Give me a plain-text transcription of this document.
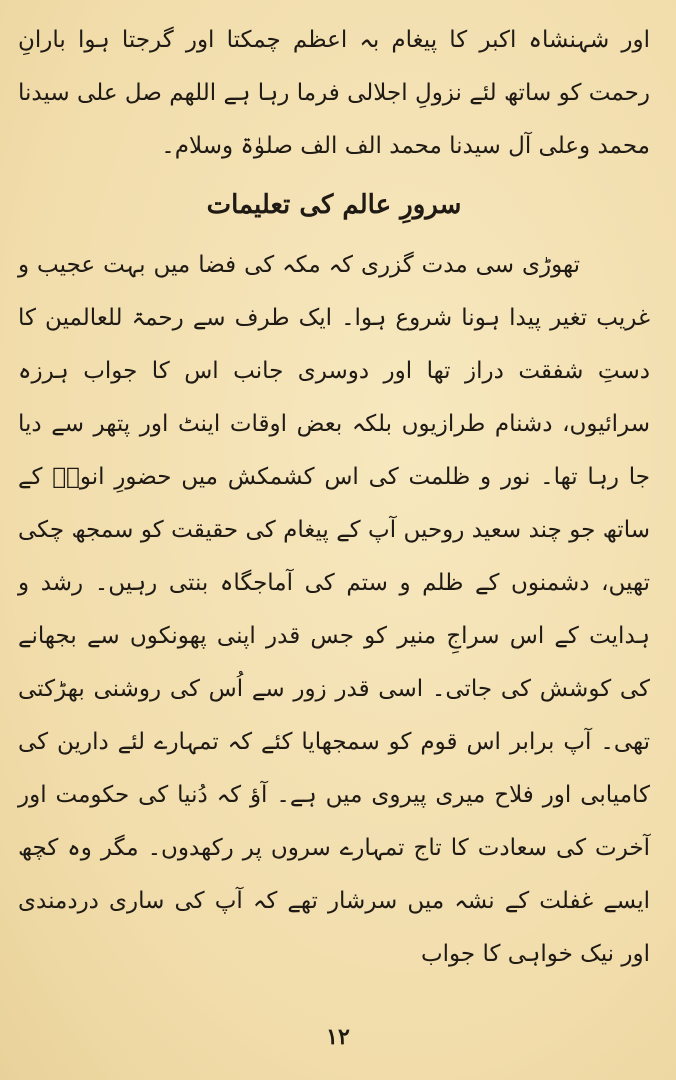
اور شہنشاہ اکبر کا پیغام بہ اعظم چمکتا اور گرجتا ہوا بارانِ رحمت کو ساتھ لئے نزولِ اجلالی فرما رہا ہے اللھم صل علی سیدنا محمد وعلی آل سیدنا محمد الف الف صلوٰۃ وسلام۔

سرورِ عالم کی تعلیمات

تھوڑی سی مدت گزری کہ مکہ کی فضا میں بہت عجیب و غریب تغیر پیدا ہونا شروع ہوا۔ ایک طرف سے رحمۃ للعالمین کا دستِ شفقت دراز تھا اور دوسری جانب اس کا جواب ہرزہ سرائیوں، دشنام طرازیوں بلکہ بعض اوقات اینٹ اور پتھر سے دیا جا رہا تھا۔ نور و ظلمت کی اس کشمکش میں حضورِ انورؐ کے ساتھ جو چند سعید روحیں آپ کے پیغام کی حقیقت کو سمجھ چکی تھیں، دشمنوں کے ظلم و ستم کی آماجگاہ بنتی رہیں۔ رشد و ہدایت کے اس سراجِ منیر کو جس قدر اپنی پھونکوں سے بجھانے کی کوشش کی جاتی۔ اسی قدر زور سے اُس کی روشنی بھڑکتی تھی۔ آپ برابر اس قوم کو سمجھایا کئے کہ تمہارے لئے دارین کی کامیابی اور فلاح میری پیروی میں ہے۔ آؤ کہ دُنیا کی حکومت اور آخرت کی سعادت کا تاج تمہارے سروں پر رکھدوں۔ مگر وہ کچھ ایسے غفلت کے نشہ میں سرشار تھے کہ آپ کی ساری دردمندی اور نیک خواہی کا جواب

١٢
